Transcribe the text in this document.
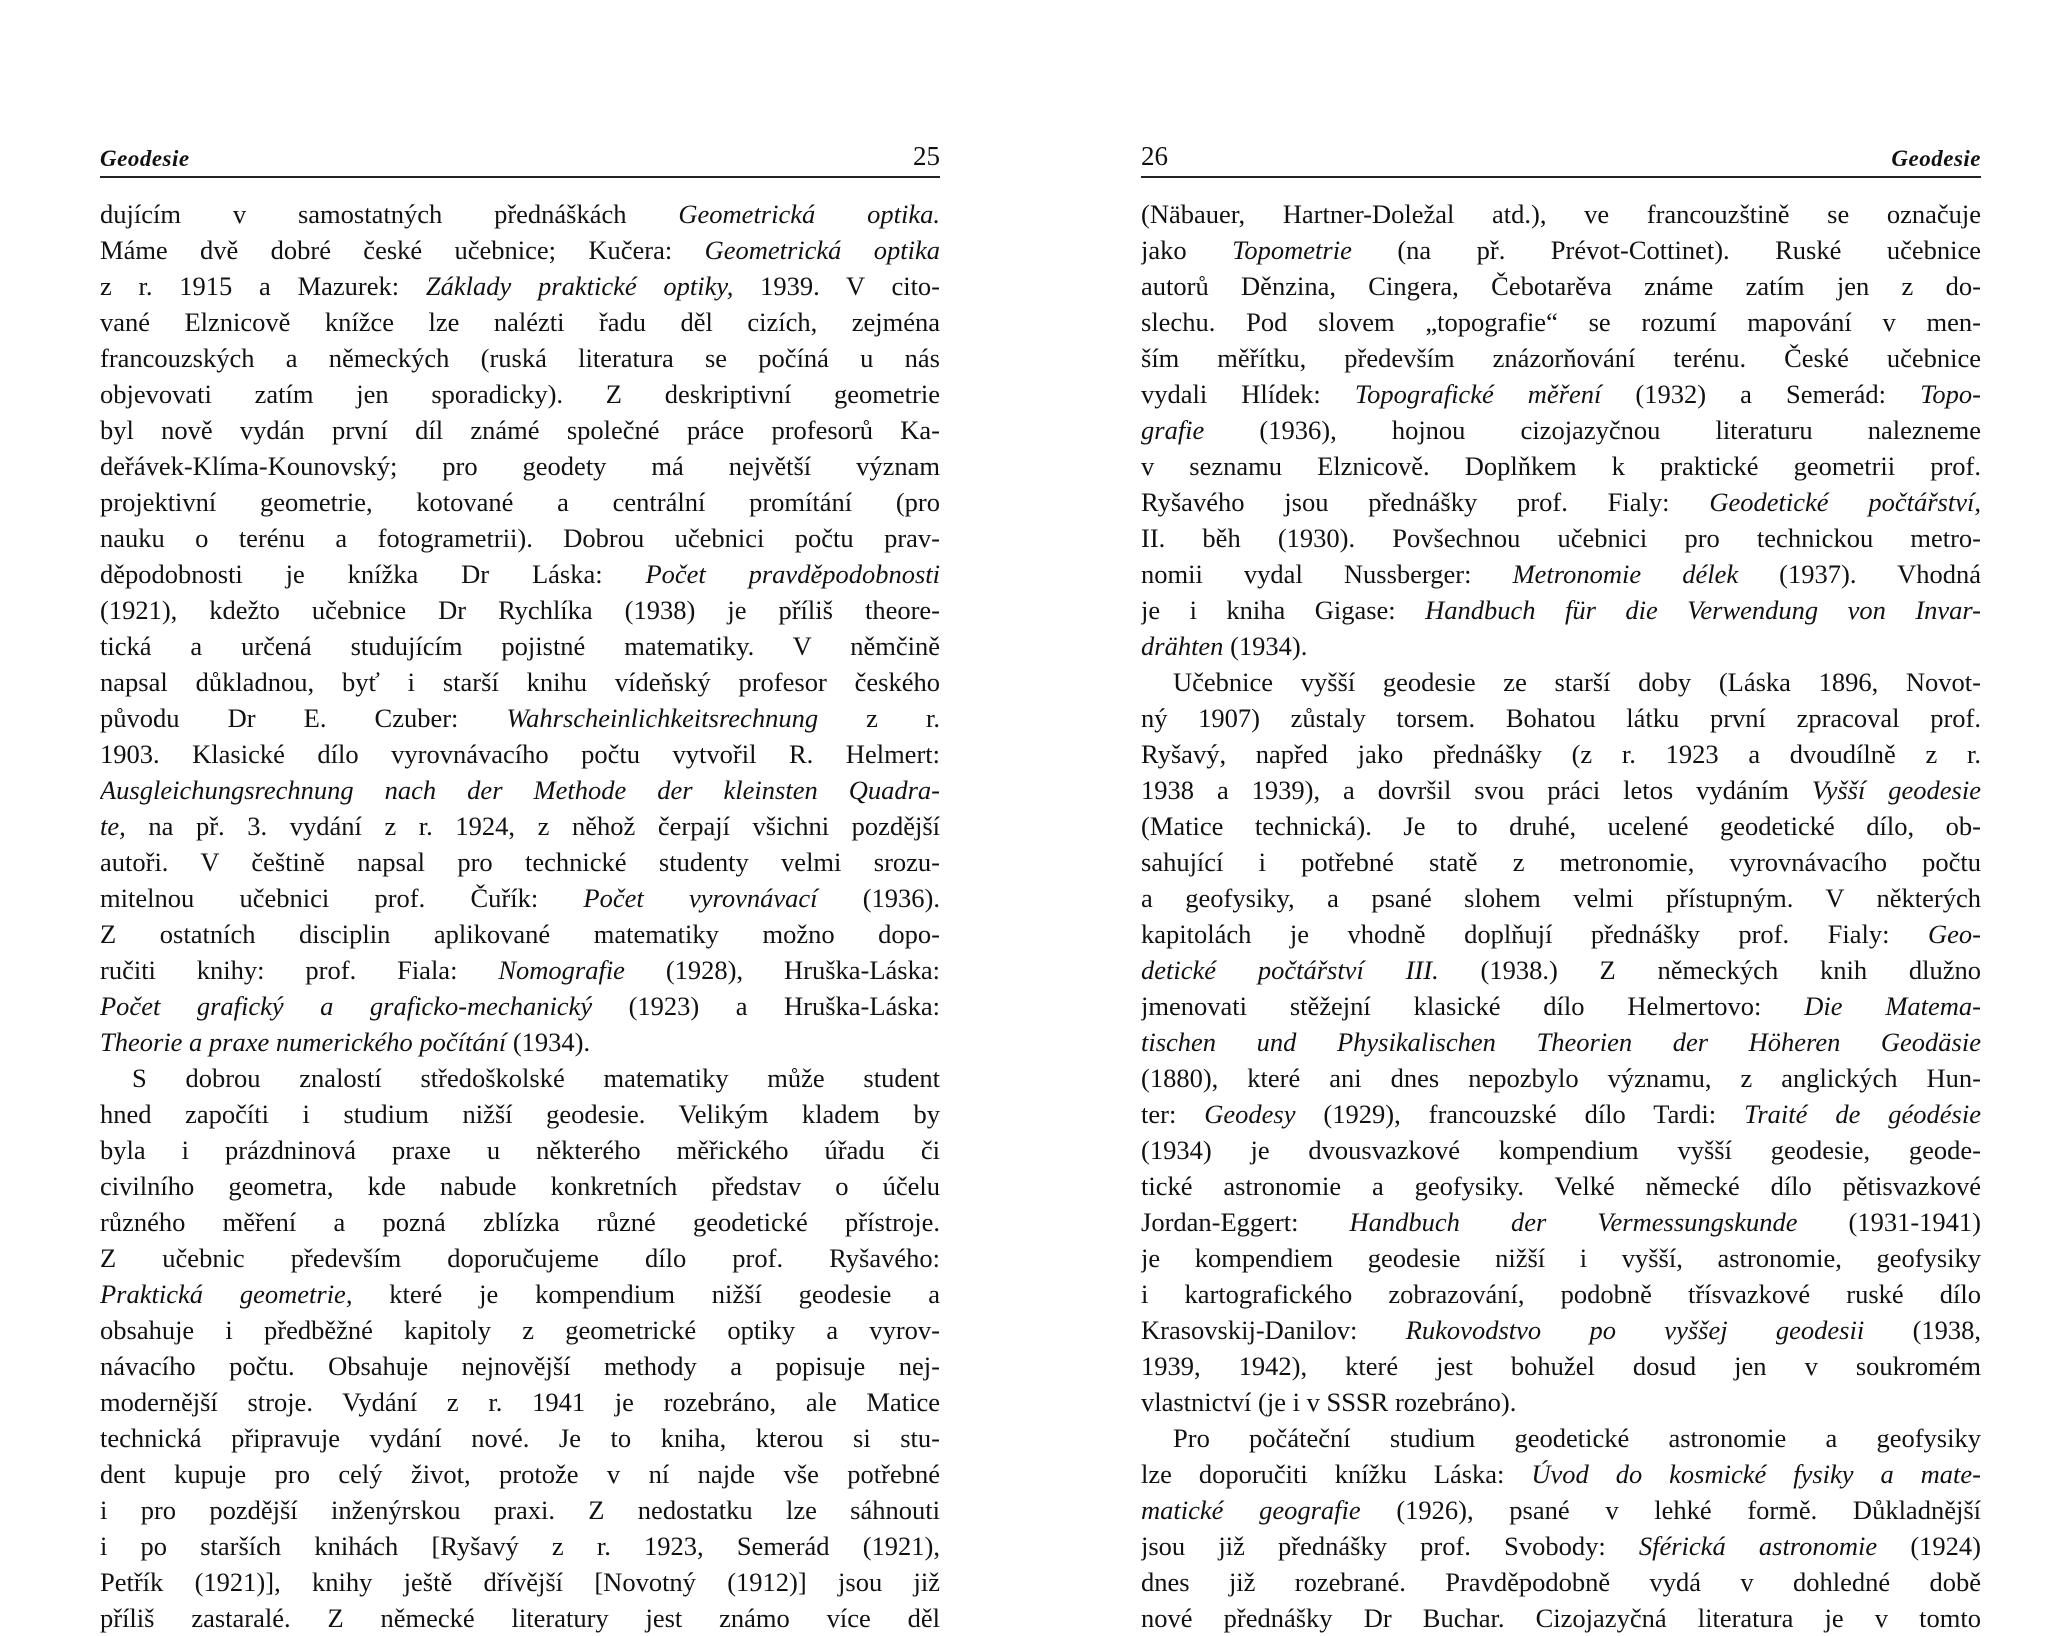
Geodesie	25
dujícím v samostatných přednáškách Geometrická optika.
Máme dvě dobré české učebnice; Kučera: Geometrická optika
z r. 1915 a Mazurek: Základy praktické optiky, 1939. V cito-
vané Elznicově knížce lze nalézti řadu děl cizích, zejména
francouzských a německých (ruská literatura se počíná u nás
objevovati zatím jen sporadicky). Z deskriptivní geometrie
byl nově vydán první díl známé společné práce profesorů Ka-
deřávek-Klíma-Kounovský; pro geodety má největší význam
projektivní geometrie, kotované a centrální promítání (pro
nauku o terénu a fotogrametrii). Dobrou učebnici počtu prav-
děpodobnosti je knížka Dr Láska: Počet pravděpodobnosti
(1921), kdežto učebnice Dr Rychlíka (1938) je příliš theore-
tická a určená studujícím pojistné matematiky. V němčině
napsal důkladnou, byť i starší knihu vídeňský profesor českého
původu Dr E. Czuber: Wahrscheinlichkeitsrechnung z r.
1903. Klasické dílo vyrovnávacího počtu vytvořil R. Helmert:
Ausgleichungsrechnung nach der Methode der kleinsten Quadra-
te, na př. 3. vydání z r. 1924, z něhož čerpají všichni pozdější
autoři. V češtině napsal pro technické studenty velmi srozu-
mitelnou učebnici prof. Čuřík: Počet vyrovnávací (1936).
Z ostatních disciplin aplikované matematiky možno dopo-
ručiti knihy: prof. Fiala: Nomografie (1928), Hruška-Láska:
Počet grafický a graficko-mechanický (1923) a Hruška-Láska:
Theorie a praxe numerického počítání (1934).
S dobrou znalostí středoškolské matematiky může student
hned započíti i studium nižší geodesie. Velikým kladem by
byla i prázdninová praxe u některého měřického úřadu či
civilního geometra, kde nabude konkretních představ o účelu
různého měření a pozná zblízka různé geodetické přístroje.
Z učebnic především doporučujeme dílo prof. Ryšavého:
Praktická geometrie, které je kompendium nižší geodesie a
obsahuje i předběžné kapitoly z geometrické optiky a vyrov-
návacího počtu. Obsahuje nejnovější methody a popisuje nej-
modernější stroje. Vydání z r. 1941 je rozebráno, ale Matice
technická připravuje vydání nové. Je to kniha, kterou si stu-
dent kupuje pro celý život, protože v ní najde vše potřebné
i pro pozdější inženýrskou praxi. Z nedostatku lze sáhnouti
i po starších knihách [Ryšavý z r. 1923, Semerád (1921),
Petřík (1921)], knihy ještě dřívější [Novotný (1912)] jsou již
příliš zastaralé. Z německé literatury jest známo více děl
26	Geodesie
(Näbauer, Hartner-Doležal atd.), ve francouzštině se označuje
jako Topometrie (na př. Prévot-Cottinet). Ruské učebnice
autorů Děnzina, Cingera, Čebotarěva známe zatím jen z do-
slechu. Pod slovem „topografie“ se rozumí mapování v men-
ším měřítku, především znázorňování terénu. České učebnice
vydali Hlídek: Topografické měření (1932) a Semerád: Topo-
grafie (1936), hojnou cizojazyčnou literaturu nalezneme
v seznamu Elznicově. Doplňkem k praktické geometrii prof.
Ryšavého jsou přednášky prof. Fialy: Geodetické počtářství,
II. běh (1930). Povšechnou učebnici pro technickou metro-
nomii vydal Nussberger: Metronomie délek (1937). Vhodná
je i kniha Gigase: Handbuch für die Verwendung von Invar-
drähten (1934).
Učebnice vyšší geodesie ze starší doby (Láska 1896, Novot-
ný 1907) zůstaly torsem. Bohatou látku první zpracoval prof.
Ryšavý, napřed jako přednášky (z r. 1923 a dvoudílně z r.
1938 a 1939), a dovršil svou práci letos vydáním Vyšší geodesie
(Matice technická). Je to druhé, ucelené geodetické dílo, ob-
sahující i potřebné statě z metronomie, vyrovnávacího počtu
a geofysiky, a psané slohem velmi přístupným. V některých
kapitolách je vhodně doplňují přednášky prof. Fialy: Geo-
detické počtářství III. (1938.) Z německých knih dlužno
jmenovati stěžejní klasické dílo Helmertovo: Die Matema-
tischen und Physikalischen Theorien der Höheren Geodäsie
(1880), které ani dnes nepozbylo významu, z anglických Hun-
ter: Geodesy (1929), francouzské dílo Tardi: Traité de géodésie
(1934) je dvousvazkové kompendium vyšší geodesie, geode-
tické astronomie a geofysiky. Velké německé dílo pětisvazkové
Jordan-Eggert: Handbuch der Vermessungskunde (1931-1941)
je kompendiem geodesie nižší i vyšší, astronomie, geofysiky
i kartografického zobrazování, podobně třísvazkové ruské dílo
Krasovskij-Danilov: Rukovodstvo po vyššej geodesii (1938,
1939, 1942), které jest bohužel dosud jen v soukromém
vlastnictví (je i v SSSR rozebráno).
Pro počáteční studium geodetické astronomie a geofysiky
lze doporučiti knížku Láska: Úvod do kosmické fysiky a mate-
matické geografie (1926), psané v lehké formě. Důkladnější
jsou již přednášky prof. Svobody: Sférická astronomie (1924)
dnes již rozebrané. Pravděpodobně vydá v dohledné době
nové přednášky Dr Buchar. Cizojazyčná literatura je v tomto
